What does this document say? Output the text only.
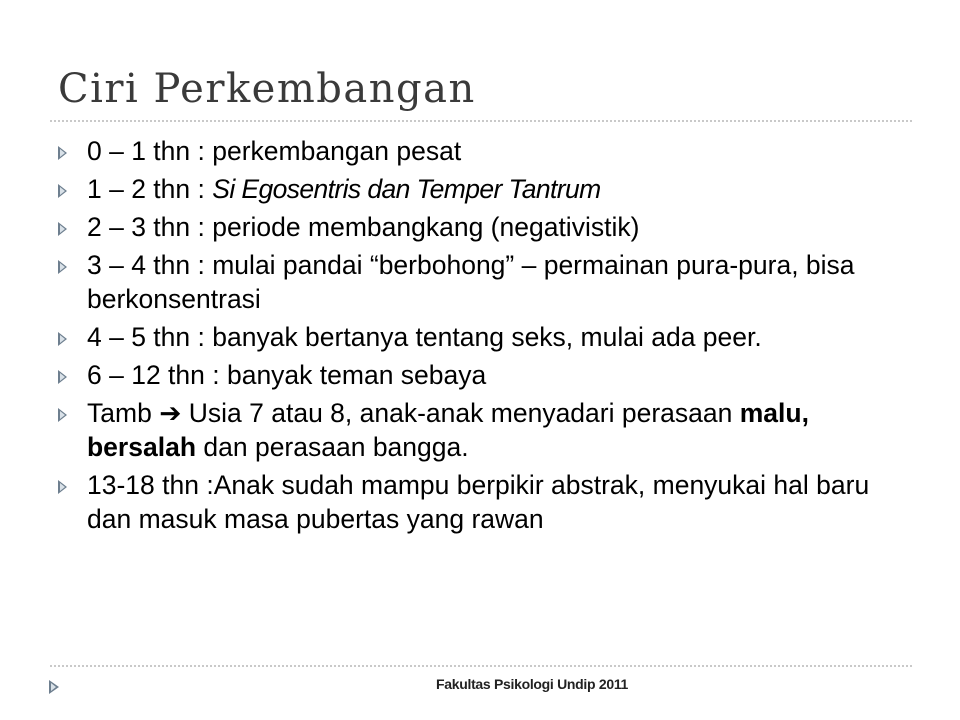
Ciri Perkembangan
0 – 1 thn : perkembangan pesat
1 – 2 thn : Si Egosentris dan Temper Tantrum
2 – 3 thn : periode membangkang (negativistik)
3 – 4 thn : mulai pandai “berbohong” – permainan pura-pura, bisa berkonsentrasi
4 – 5 thn : banyak bertanya tentang seks, mulai ada peer.
6 – 12 thn : banyak teman sebaya
Tamb ➔ Usia 7 atau 8, anak-anak menyadari perasaan malu, bersalah dan perasaan bangga.
13-18 thn :Anak sudah mampu berpikir abstrak, menyukai hal baru dan masuk masa pubertas yang rawan
Fakultas Psikologi Undip 2011
